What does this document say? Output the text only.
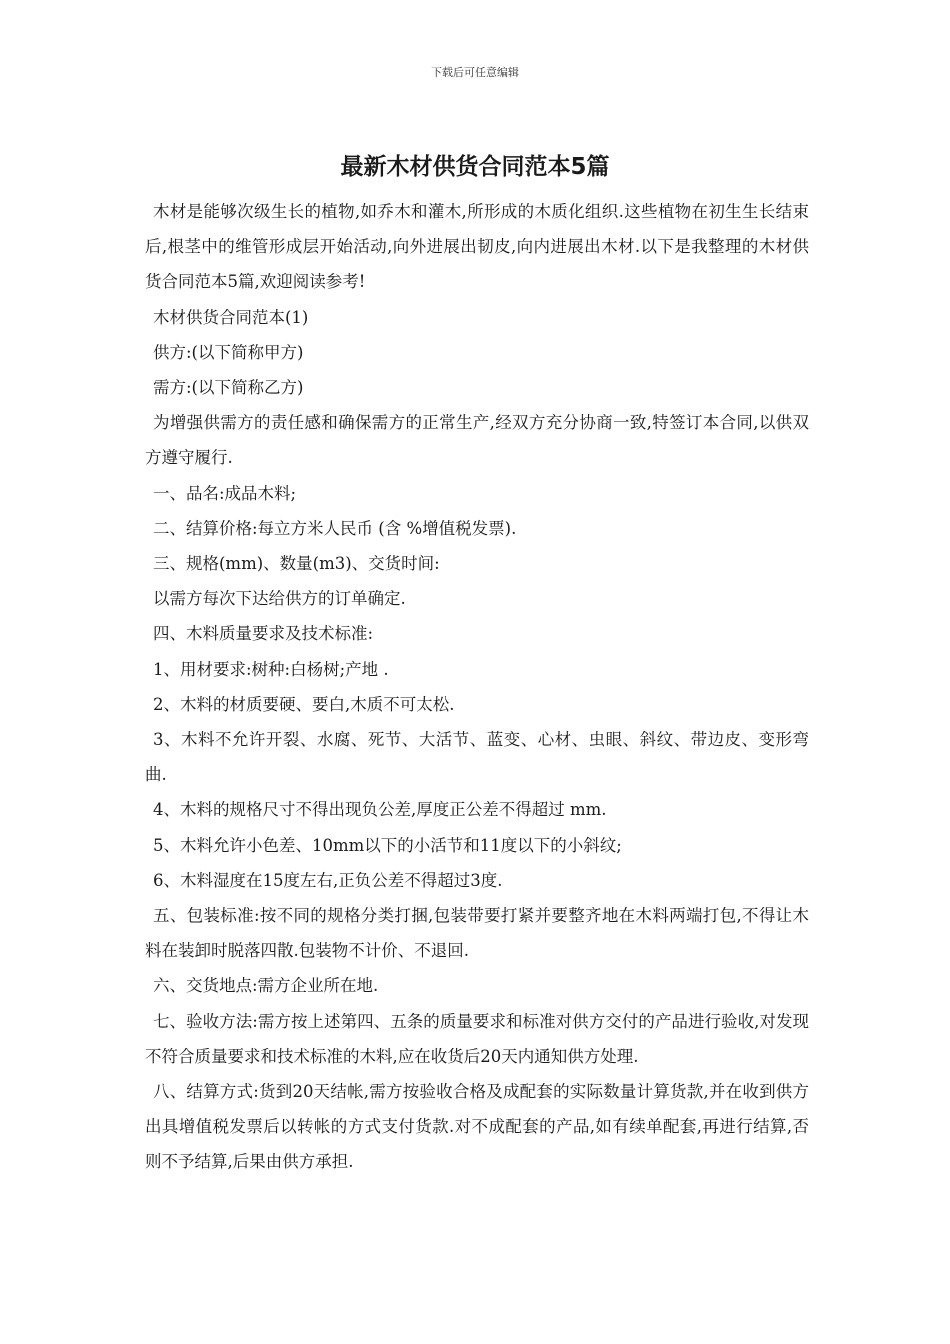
下载后可任意编辑
最新木材供货合同范本5篇

木材是能够次级生长的植物,如乔木和灌木,所形成的木质化组织.这些植物在初生生长结束后,根茎中的维管形成层开始活动,向外进展出韧皮,向内进展出木材.以下是我整理的木材供货合同范本5篇,欢迎阅读参考!

木材供货合同范本(1)

供方:(以下简称甲方)

需方:(以下简称乙方)

为增强供需方的责任感和确保需方的正常生产,经双方充分协商一致,特签订本合同,以供双方遵守履行.

一、品名:成品木料;

二、结算价格:每立方米人民币 (含 %增值税发票).

三、规格(mm)、数量(m3)、交货时间:

以需方每次下达给供方的订单确定.

四、木料质量要求及技术标准:

1、用材要求:树种:白杨树;产地 .

2、木料的材质要硬、要白,木质不可太松.

3、木料不允许开裂、水腐、死节、大活节、蓝变、心材、虫眼、斜纹、带边皮、变形弯曲.

4、木料的规格尺寸不得出现负公差,厚度正公差不得超过 mm.

5、木料允许小色差、10mm以下的小活节和11度以下的小斜纹;

6、木料湿度在15度左右,正负公差不得超过3度.

五、包装标准:按不同的规格分类打捆,包装带要打紧并要整齐地在木料两端打包,不得让木料在装卸时脱落四散.包装物不计价、不退回.

六、交货地点:需方企业所在地.

七、验收方法:需方按上述第四、五条的质量要求和标准对供方交付的产品进行验收,对发现不符合质量要求和技术标准的木料,应在收货后20天内通知供方处理.

八、结算方式:货到20天结帐,需方按验收合格及成配套的实际数量计算货款,并在收到供方出具增值税发票后以转帐的方式支付货款.对不成配套的产品,如有续单配套,再进行结算,否则不予结算,后果由供方承担.
